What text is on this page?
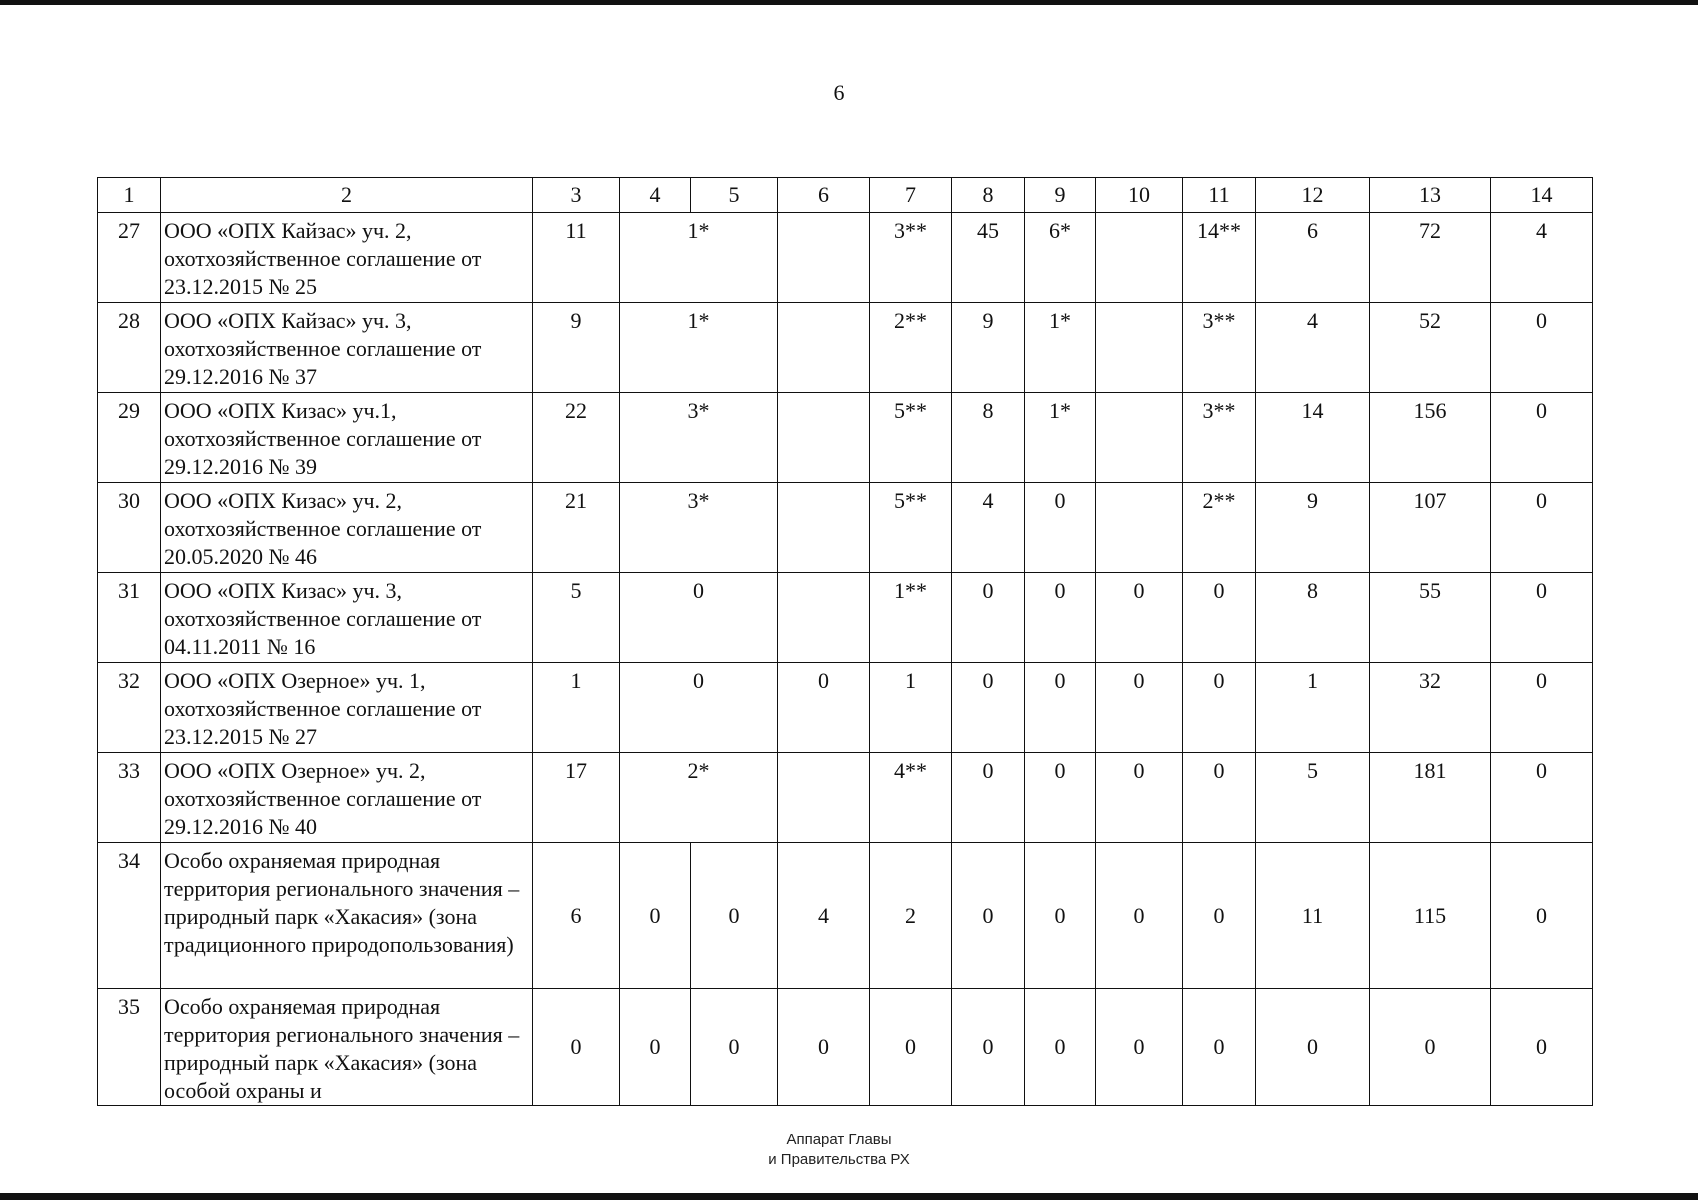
6
1	2	3	4	5	6	7	8	9	10	11	12	13	14
27	ООО «ОПХ Кайзас» уч. 2, охотхозяйственное соглашение от 23.12.2015 № 25	11	1*			3**	45	6*		14**	6	72	4
28	ООО «ОПХ Кайзас» уч. 3, охотхозяйственное соглашение от 29.12.2016 № 37	9	1*			2**	9	1*		3**	4	52	0
29	ООО «ОПХ Кизас» уч.1, охотхозяйственное соглашение от 29.12.2016 № 39	22	3*			5**	8	1*		3**	14	156	0
30	ООО «ОПХ Кизас» уч. 2, охотхозяйственное соглашение от 20.05.2020 № 46	21	3*			5**	4	0		2**	9	107	0
31	ООО «ОПХ Кизас» уч. 3, охотхозяйственное соглашение от 04.11.2011 № 16	5	0			1**	0	0	0	0	8	55	0
32	ООО «ОПХ Озерное» уч. 1, охотхозяйственное соглашение от 23.12.2015 № 27	1	0		0	1	0	0	0	0	1	32	0
33	ООО «ОПХ Озерное» уч. 2, охотхозяйственное соглашение от 29.12.2016 № 40	17	2*			4**	0	0	0	0	5	181	0
34	Особо охраняемая природная территория регионального значения – природный парк «Хакасия» (зона традиционного природопользования)	6	0	0	4	2	0	0	0	0	11	115	0
35	Особо охраняемая природная территория регионального значения – природный парк «Хакасия» (зона особой охраны и	0	0	0	0	0	0	0	0	0	0	0	0
Аппарат Главы
и Правительства РХ
